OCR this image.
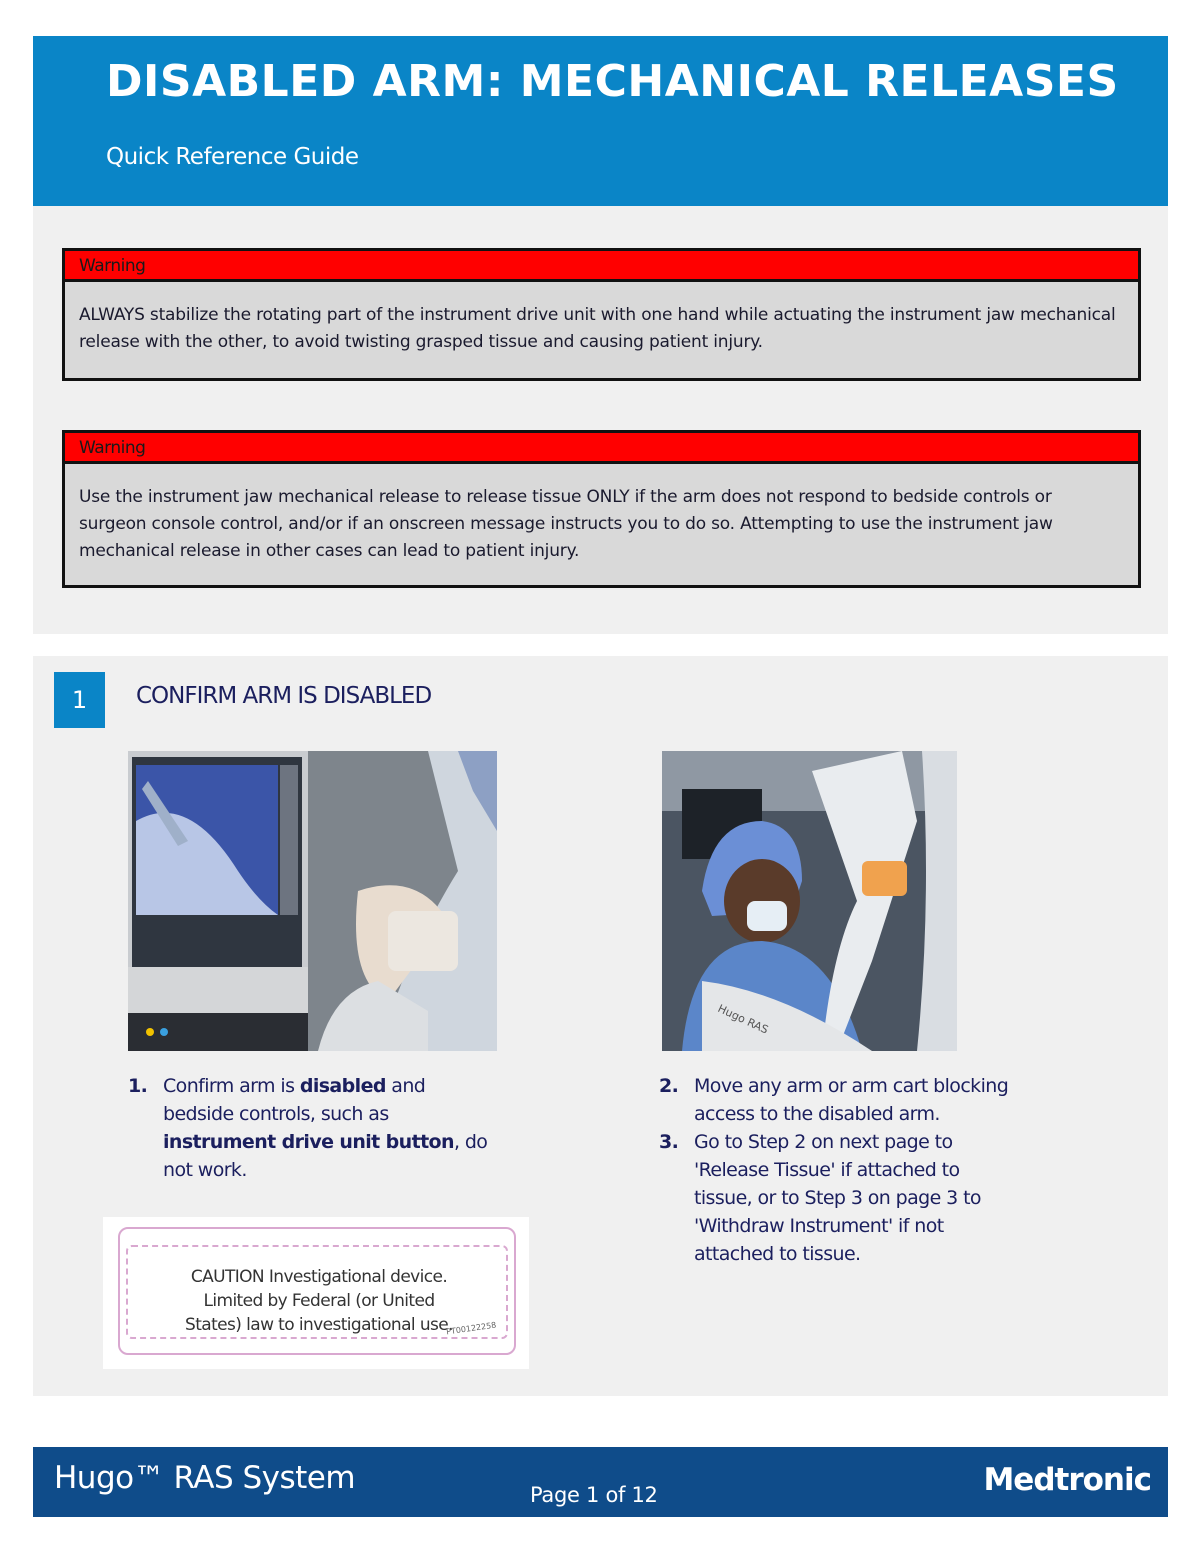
DISABLED ARM: MECHANICAL RELEASES
Quick Reference Guide
Warning
ALWAYS stabilize the rotating part of the instrument drive unit with one hand while actuating the instrument jaw mechanical release with the other, to avoid twisting grasped tissue and causing patient injury.
Warning
Use the instrument jaw mechanical release to release tissue ONLY if the arm does not respond to bedside controls or surgeon console control, and/or if an onscreen message instructs you to do so. Attempting to use the instrument jaw mechanical release in other cases can lead to patient injury.
1	CONFIRM ARM IS DISABLED
Hugo RAS
1. Confirm arm is disabled and bedside controls, such as instrument drive unit button, do not work.
2. Move any arm or arm cart blocking access to the disabled arm.
3. Go to Step 2 on next page to 'Release Tissue' if attached to tissue, or to Step 3 on page 3 to 'Withdraw Instrument' if not attached to tissue.
CAUTION Investigational device.
Limited by Federal (or United
States) law to investigational use.
PT00122258
Hugo™ RAS System	Page 1 of 12	Medtronic
